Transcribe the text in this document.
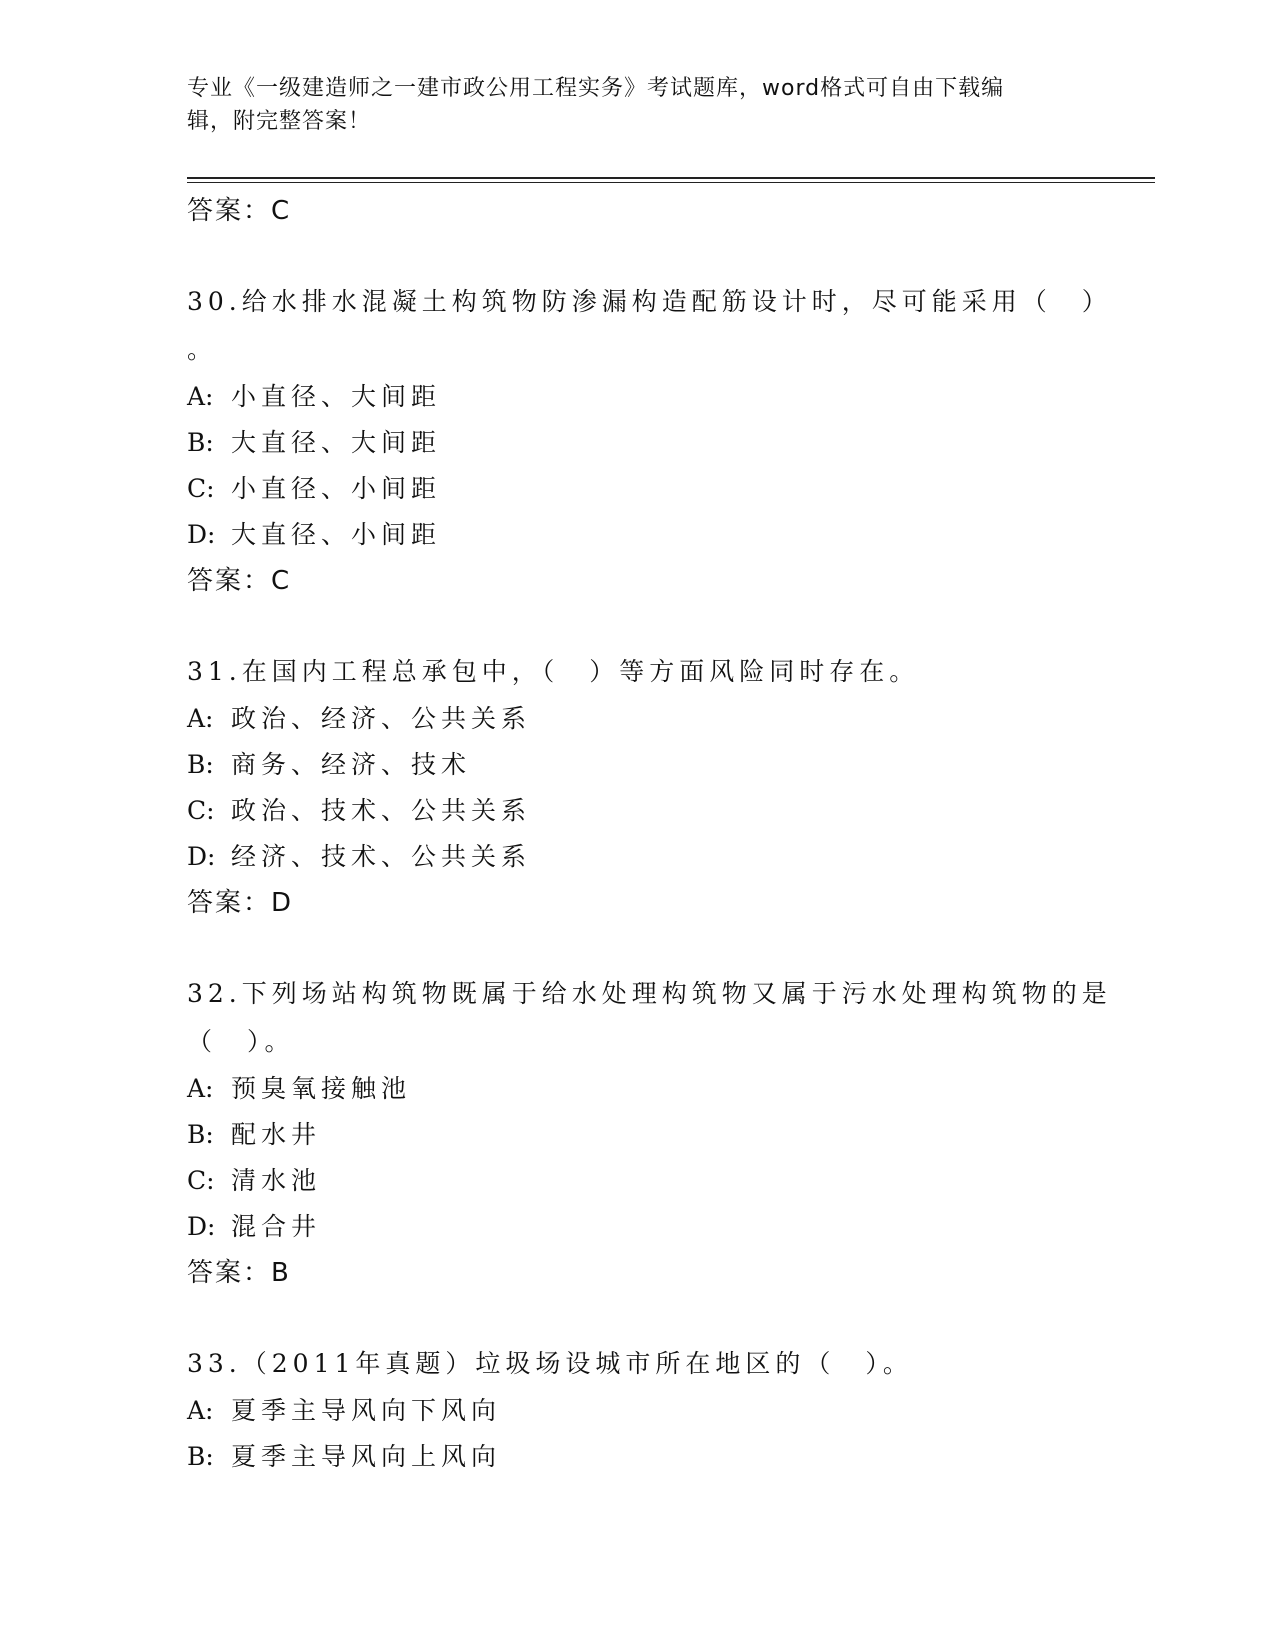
专业《一级建造师之一建市政公用工程实务》考试题库，word格式可自由下载编
辑，附完整答案！
答案：C
30.给水排水混凝土构筑物防渗漏构造配筋设计时，尽可能采用（　）
。
A: 小直径、大间距
B: 大直径、大间距
C: 小直径、小间距
D: 大直径、小间距
答案：C
31.在国内工程总承包中，（　）等方面风险同时存在。
A: 政治、经济、公共关系
B: 商务、经济、技术
C: 政治、技术、公共关系
D: 经济、技术、公共关系
答案：D
32.下列场站构筑物既属于给水处理构筑物又属于污水处理构筑物的是
（　）。
A: 预臭氧接触池
B: 配水井
C: 清水池
D: 混合井
答案：B
33.（2011年真题）垃圾场设城市所在地区的（　）。
A: 夏季主导风向下风向
B: 夏季主导风向上风向
